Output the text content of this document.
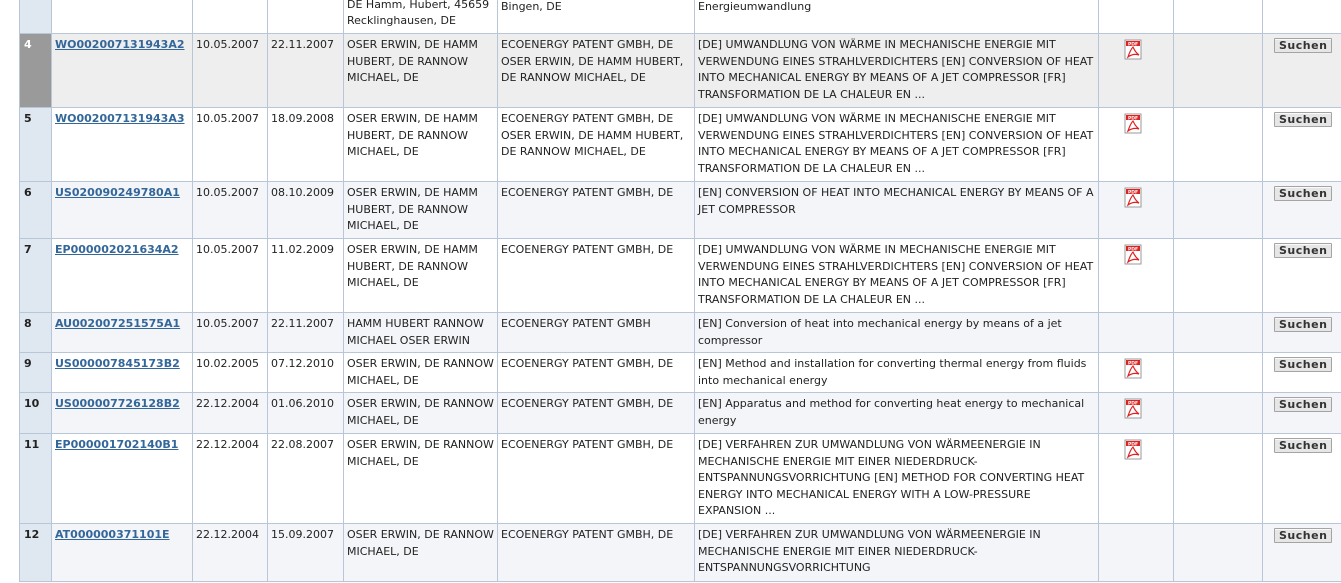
				DE Hamm, Hubert, 45659 Recklinghausen, DE	Bingen, DE	Energieumwandlung			
4	WO002007131943A2	10.05.2007	22.11.2007	OSER ERWIN, DE HAMM HUBERT, DE RANNOW MICHAEL, DE	ECOENERGY PATENT GMBH, DE OSER ERWIN, DE HAMM HUBERT, DE RANNOW MICHAEL, DE	[DE] UMWANDLUNG VON WÄRME IN MECHANISCHE ENERGIE MIT VERWENDUNG EINES STRAHLVERDICHTERS [EN] CONVERSION OF HEAT INTO MECHANICAL ENERGY BY MEANS OF A JET COMPRESSOR [FR] TRANSFORMATION DE LA CHALEUR EN ...	PDF		Suchen
5	WO002007131943A3	10.05.2007	18.09.2008	OSER ERWIN, DE HAMM HUBERT, DE RANNOW MICHAEL, DE	ECOENERGY PATENT GMBH, DE OSER ERWIN, DE HAMM HUBERT, DE RANNOW MICHAEL, DE	[DE] UMWANDLUNG VON WÄRME IN MECHANISCHE ENERGIE MIT VERWENDUNG EINES STRAHLVERDICHTERS [EN] CONVERSION OF HEAT INTO MECHANICAL ENERGY BY MEANS OF A JET COMPRESSOR [FR] TRANSFORMATION DE LA CHALEUR EN ...	PDF		Suchen
6	US020090249780A1	10.05.2007	08.10.2009	OSER ERWIN, DE HAMM HUBERT, DE RANNOW MICHAEL, DE	ECOENERGY PATENT GMBH, DE	[EN] CONVERSION OF HEAT INTO MECHANICAL ENERGY BY MEANS OF A JET COMPRESSOR	PDF		Suchen
7	EP000002021634A2	10.05.2007	11.02.2009	OSER ERWIN, DE HAMM HUBERT, DE RANNOW MICHAEL, DE	ECOENERGY PATENT GMBH, DE	[DE] UMWANDLUNG VON WÄRME IN MECHANISCHE ENERGIE MIT VERWENDUNG EINES STRAHLVERDICHTERS [EN] CONVERSION OF HEAT INTO MECHANICAL ENERGY BY MEANS OF A JET COMPRESSOR [FR] TRANSFORMATION DE LA CHALEUR EN ...	PDF		Suchen
8	AU002007251575A1	10.05.2007	22.11.2007	HAMM HUBERT RANNOW MICHAEL OSER ERWIN	ECOENERGY PATENT GMBH	[EN] Conversion of heat into mechanical energy by means of a jet compressor			Suchen
9	US000007845173B2	10.02.2005	07.12.2010	OSER ERWIN, DE RANNOW MICHAEL, DE	ECOENERGY PATENT GMBH, DE	[EN] Method and installation for converting thermal energy from fluids into mechanical energy	PDF		Suchen
10	US000007726128B2	22.12.2004	01.06.2010	OSER ERWIN, DE RANNOW MICHAEL, DE	ECOENERGY PATENT GMBH, DE	[EN] Apparatus and method for converting heat energy to mechanical energy	PDF		Suchen
11	EP000001702140B1	22.12.2004	22.08.2007	OSER ERWIN, DE RANNOW MICHAEL, DE	ECOENERGY PATENT GMBH, DE	[DE] VERFAHREN ZUR UMWANDLUNG VON WÄRMEENERGIE IN MECHANISCHE ENERGIE MIT EINER NIEDERDRUCK-ENTSPANNUNGSVORRICHTUNG [EN] METHOD FOR CONVERTING HEAT ENERGY INTO MECHANICAL ENERGY WITH A LOW-PRESSURE EXPANSION ...	PDF		Suchen
12	AT000000371101E	22.12.2004	15.09.2007	OSER ERWIN, DE RANNOW MICHAEL, DE	ECOENERGY PATENT GMBH, DE	[DE] VERFAHREN ZUR UMWANDLUNG VON WÄRMEENERGIE IN MECHANISCHE ENERGIE MIT EINER NIEDERDRUCK-ENTSPANNUNGSVORRICHTUNG			Suchen
